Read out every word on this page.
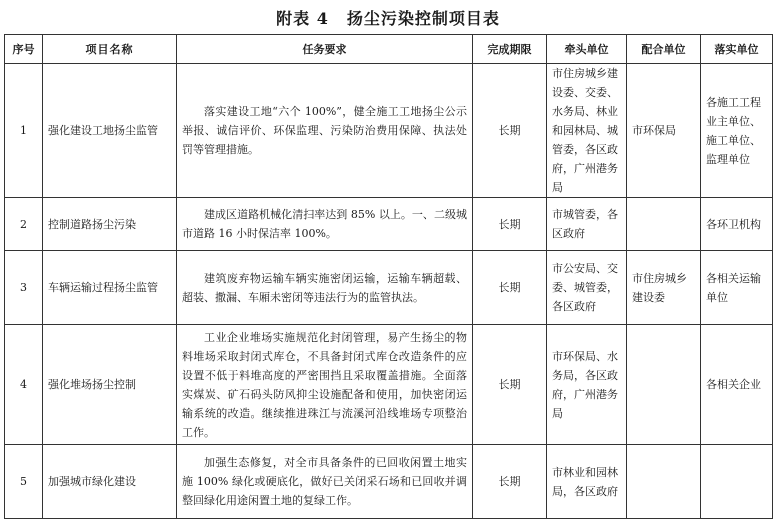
附表 4 扬尘污染控制项目表
序号	项目名称	任务要求	完成期限	牵头单位	配合单位	落实单位
1	强化建设工地扬尘监管	落实建设工地“六个 100%”，健全施工工地扬尘公示举报、诚信评价、环保监理、污染防治费用保障、执法处罚等管理措施。	长期	市住房城乡建设委、交委、水务局、林业和园林局、城管委，各区政府，广州港务局	市环保局	各施工工程业主单位、施工单位、监理单位
2	控制道路扬尘污染	建成区道路机械化清扫率达到 85% 以上。一、二级城市道路 16 小时保洁率 100%。	长期	市城管委，各区政府		各环卫机构
3	车辆运输过程扬尘监管	建筑废弃物运输车辆实施密闭运输，运输车辆超载、超装、撒漏、车厢未密闭等违法行为的监管执法。	长期	市公安局、交委、城管委，各区政府	市住房城乡建设委	各相关运输单位
4	强化堆场扬尘控制	工业企业堆场实施规范化封闭管理，易产生扬尘的物料堆场采取封闭式库仓，不具备封闭式库仓改造条件的应设置不低于料堆高度的严密围挡且采取覆盖措施。全面落实煤炭、矿石码头防风抑尘设施配备和使用，加快密闭运输系统的改造。继续推进珠江与流溪河沿线堆场专项整治工作。	长期	市环保局、水务局，各区政府，广州港务局		各相关企业
5	加强城市绿化建设	加强生态修复，对全市具备条件的已回收闲置土地实施 100% 绿化或硬底化，做好已关闭采石场和已回收并调整回绿化用途闲置土地的复绿工作。	长期	市林业和园林局，各区政府		
